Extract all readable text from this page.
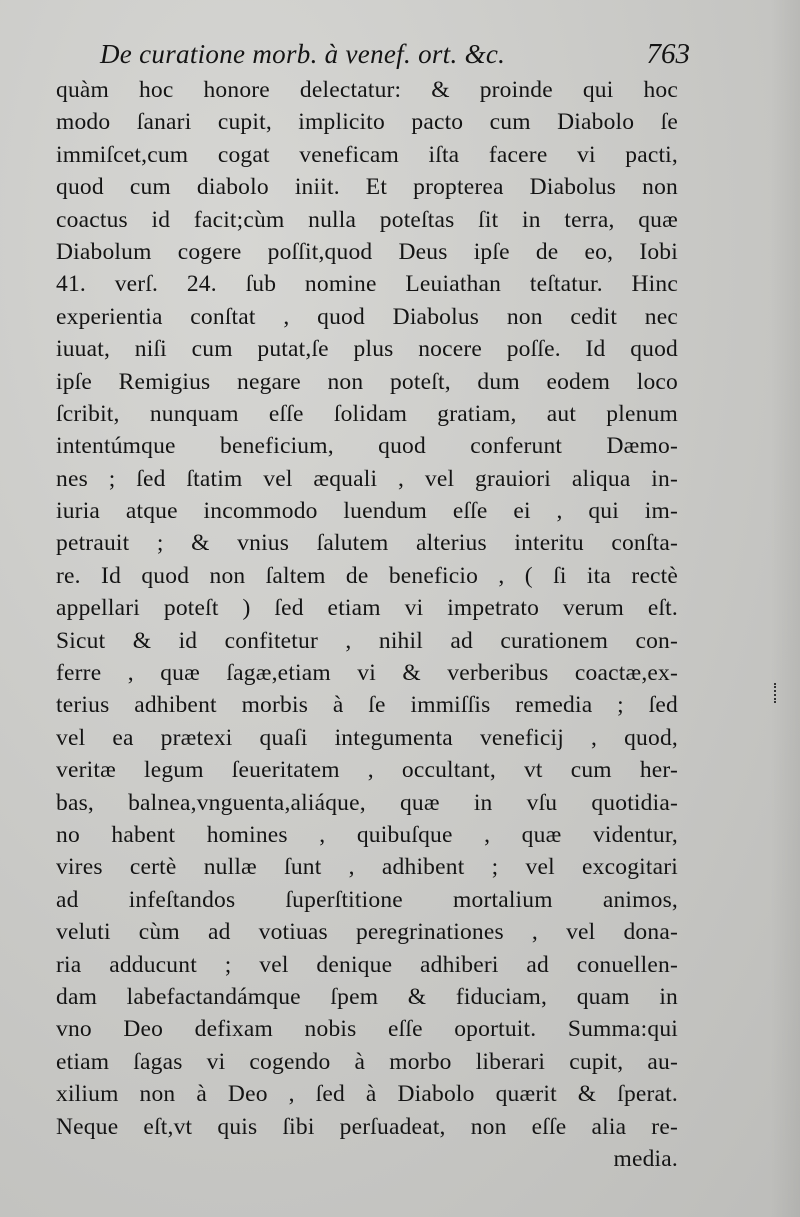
De curatione morb. à venef. ort. &c.	763
quàm hoc honore delectatur: & proinde qui hoc
modo ſanari cupit, implicito pacto cum Diabolo ſe
immiſcet,cum cogat veneficam iſta facere vi pacti,
quod cum diabolo iniit. Et propterea Diabolus non
coactus id facit;cùm nulla poteſtas ſit in terra, quæ
Diabolum cogere poſſit,quod Deus ipſe de eo, Iobi
41. verſ. 24. ſub nomine Leuiathan teſtatur. Hinc
experientia conſtat , quod Diabolus non cedit nec
iuuat, niſi cum putat,ſe plus nocere poſſe. Id quod
ipſe Remigius negare non poteſt, dum eodem loco
ſcribit, nunquam eſſe ſolidam gratiam, aut plenum
intentúmque beneficium, quod conferunt Dæmo-
nes ; ſed ſtatim vel æquali , vel grauiori aliqua in-
iuria atque incommodo luendum eſſe ei , qui im-
petrauit ; & vnius ſalutem alterius interitu conſta-
re. Id quod non ſaltem de beneficio , ( ſi ita rectè
appellari poteſt ) ſed etiam vi impetrato verum eſt.
Sicut & id confitetur , nihil ad curationem con-
ferre , quæ ſagæ,etiam vi & verberibus coactæ,ex-
terius adhibent morbis à ſe immiſſis remedia ; ſed
vel ea prætexi quaſi integumenta veneficij , quod,
veritæ legum ſeueritatem , occultant, vt cum her-
bas, balnea,vnguenta,aliáque, quæ in vſu quotidia-
no habent homines , quibuſque , quæ videntur,
vires certè nullæ ſunt , adhibent ; vel excogitari
ad infeſtandos ſuperſtitione mortalium animos,
veluti cùm ad votiuas peregrinationes , vel dona-
ria adducunt ; vel denique adhiberi ad conuellen-
dam labefactandámque ſpem & fiduciam, quam in
vno Deo defixam nobis eſſe oportuit. Summa:qui
etiam ſagas vi cogendo à morbo liberari cupit, au-
xilium non à Deo , ſed à Diabolo quærit & ſperat.
Neque eſt,vt quis ſibi perſuadeat, non eſſe alia re-
media.
